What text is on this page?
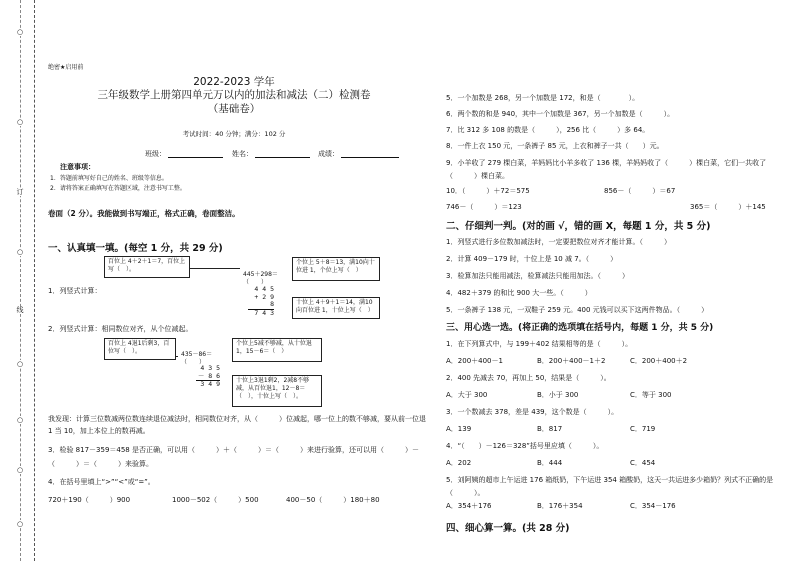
○
○
订
○
线
○
○
○
○
绝密★启用前
2022-2023 学年
三年级数学上册第四单元万以内的加法和减法（二）检测卷
（基础卷）
考试时间：40 分钟；满分：102 分
班级：	姓名：	成绩：
注意事项：
1．答题前填写好自己的姓名、班级等信息。
2．请将答案正确填写在答题区域，注意书写工整。
卷面（2 分）。我能做到书写端正，格式正确，卷面整洁。
一、认真填一填。(每空 1 分，共 29 分)
百位上 4＋2＋1＝7，百位上写（　）。
445＋298＝（　　）
个位上 5＋8＝13，满10向十位进 1，个位上写（　）
4 4 5
+ 2 9 8
7 4 3
十位上 4＋9＋1＝14，满10向百位进 1，十位上写（　）
1．列竖式计算：
2．列竖式计算：相同数位对齐，从个位减起。
百位上 4退1后剩3，百位写（　）。	435－86＝（　　）
个位上5减不够减，从十位退1，15－6＝（　）
4 3 5
－ 8 6
3 4 9	十位上3退1剩2，2减8不够减，从百位退1，12－8＝（　），十位上写（　）。
我发现：计算三位数减两位数连续退位减法时，相同数位对齐，从（　　　）位减起，哪一位上的数不够减，要从前一位退 1 当 10，加上本位上的数再减。
3．检验 817－359＝458 是否正确，可以用（　　　）＋（　　　）＝（　　　）来进行验算，还可以用（　　　）－（　　　）＝（　　　）来验算。
4．在括号里填上“>”“<”或“=”。
720＋190（　　　）900	1000－502（　　　）500	400－50（　　　）180＋80
5．一个加数是 268，另一个加数是 172，和是（　　　　）。
6．两个数的和是 940，其中一个加数是 367，另一个加数是（　　　）。
7．比 312 多 108 的数是（　　　），256 比（　　　）多 64。
8．一件上衣 150 元，一条裤子 85 元，上衣和裤子一共（　　）元。
9．小羊收了 279 棵白菜，羊妈妈比小羊多收了 136 棵，羊妈妈收了（　　　）棵白菜，它们一共收了（　　　）棵白菜。
10．（　　　）＋72＝575	856－（　　　）＝67
746－（　　　）＝123	365＝（　　　）＋145
二、仔细判一判。(对的画 √，错的画 X，每题 1 分，共 5 分)
1．列竖式进行多位数加减法时，一定要把数位对齐才能计算。（　　　）
2．计算 409－179 时，十位上是 10 减 7。（　　　）
3．检算加法只能用减法，检算减法只能用加法。（　　　）
4．482＋379 的和比 900 大一些。（　　　）
5．一条裤子 138 元，一双鞋子 259 元。400 元钱可以买下这两件物品。（　　　）
三、用心选一选。(将正确的选项填在括号内，每题 1 分，共 5 分)
1．在下列算式中，与 199＋402 结果相等的是（　　　）。
A．200＋400－1	B．200＋400－1＋2	C．200＋400＋2
2．400 先减去 70，再加上 50，结果是（　　　）。
A．大于 300	B．小于 300	C．等于 300
3．一个数减去 378，差是 439，这个数是（　　　）。
A．139	B．817	C．719
4．“（　　）－126＝328”括号里应填（　　　）。
A．202	B．444	C．454
5．刘阿姨的超市上午运进 176 箱纸奶，下午运进 354 箱酸奶，这天一共运进多少箱奶？列式不正确的是（　　　）。
A．354＋176	B．176＋354	C．354－176
四、细心算一算。(共 28 分)
